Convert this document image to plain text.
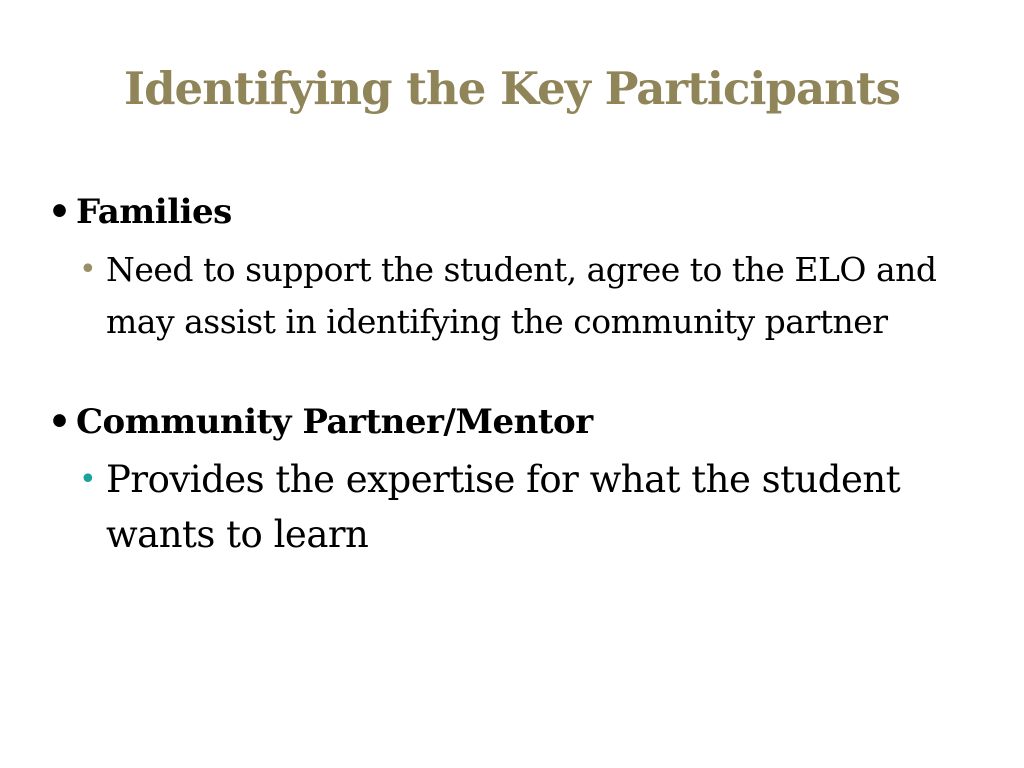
Identifying the Key Participants
• Families
• Need to support the student, agree to the ELO and may assist in identifying the community partner
• Community Partner/Mentor
• Provides the expertise for what the student wants to learn
